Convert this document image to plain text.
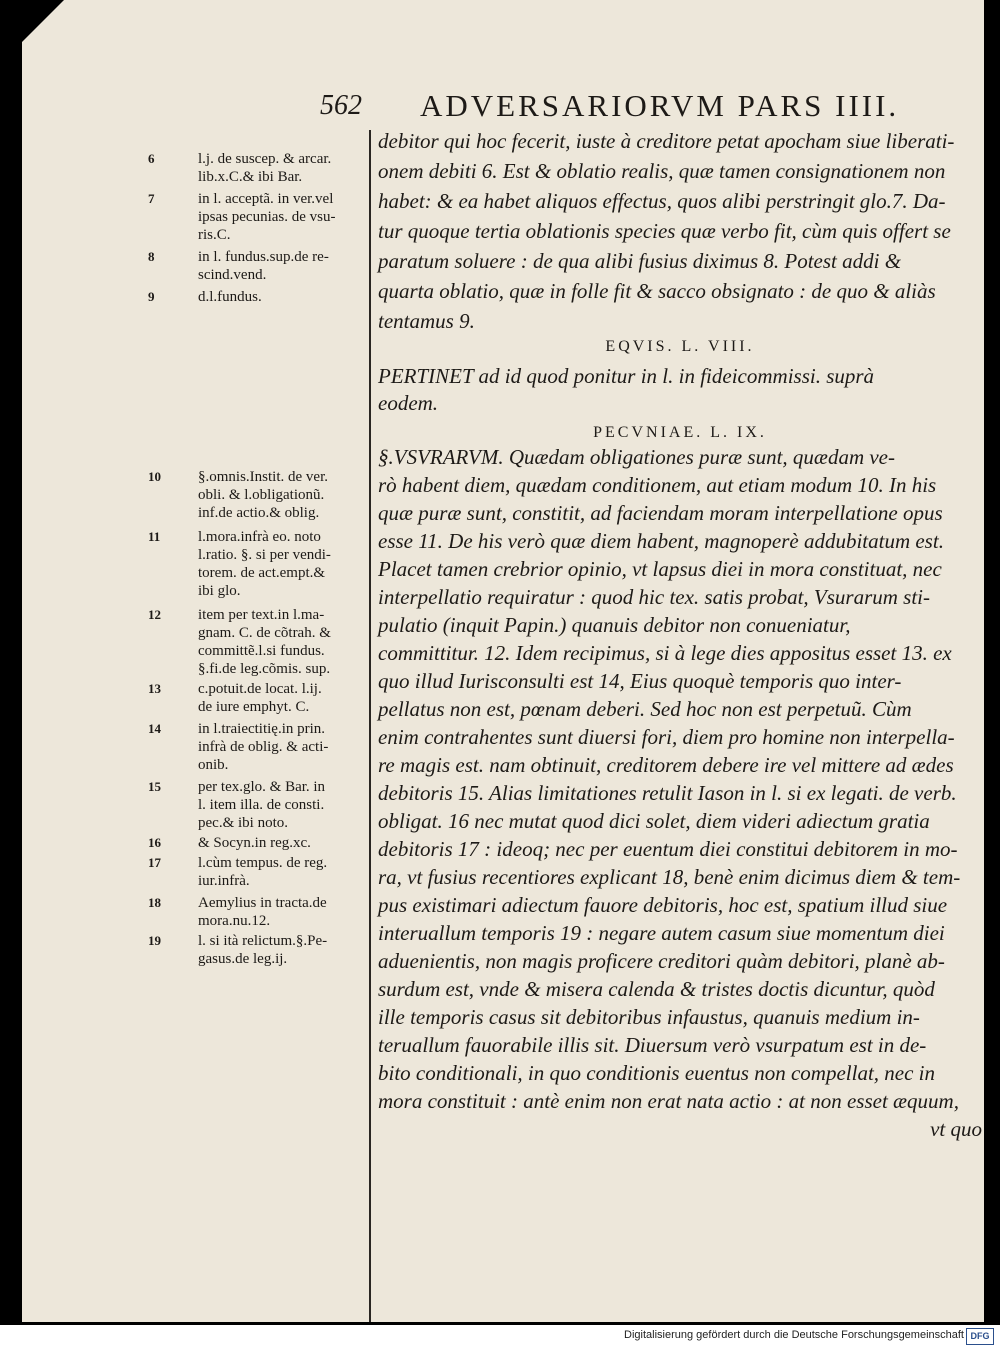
562 ADVERSARIORVM PARS IIII.
6	l.j. de suscep. & arcar.
lib.x.C.& ibi Bar.
7	in l. acceptã. in ver.vel
ipsas pecunias. de vsu-
ris.C.
8	in l. fundus.sup.de re-
scind.vend.
9	d.l.fundus.
10 §.omnis.Instit. de ver.
obli. & l.obligationũ.
inf.de actio.& oblig.
11	l.mora.infrà eo. noto
l.ratio. §. si per vendi-
torem. de act.empt.&
ibi glo.
12 item per text.in l.ma-
gnam. C. de cõtrah. &
committẽ.l.si fundus.
§.fi.de leg.cõmis. sup.
13 c.potuit.de locat. l.ij.
de iure emphyt. C.
14 in l.traiectitię.in prin.
infrà de oblig. & acti-
onib.
15 per tex.glo. & Bar. in
l. item illa. de consti.
pec.& ibi noto.
16 & Socyn.in reg.xc.
17 l.cùm tempus. de reg.
iur.infrà.
18 Aemylius in tracta.de
mora.nu.12.
19 l. si ità relictum.§.Pe-
gasus.de leg.ij.
debitor qui hoc fecerit, iuste à creditore petat apocham siue liberati-
onem debiti 6. Est & oblatio realis, quæ tamen consignationem non
habet: & ea habet aliquos effectus, quos alibi perstringit glo.7. Da-
tur quoque tertia oblationis species quæ verbo fit, cùm quis offert se
paratum soluere : de qua alibi fusius diximus 8. Potest addi &
quarta oblatio, quæ in folle fit & sacco obsignato : de quo & aliàs
tentamus 9.
EQVIS. L. VIII.
PERTINET ad id quod ponitur in l. in fideicommissi. suprà
eodem.
PECVNIAE. L. IX.
§.VSVRARVM. Quædam obligationes puræ sunt, quædam ve-
rò habent diem, quædam conditionem, aut etiam modum 10. In his
quæ puræ sunt, constitit, ad faciendam moram interpellatione opus
esse 11. De his verò quæ diem habent, magnoperè addubitatum est.
Placet tamen crebrior opinio, vt lapsus diei in mora constituat, nec
interpellatio requiratur : quod hic tex. satis probat, Vsurarum sti-
pulatio (inquit Papin.) quanuis debitor non conueniatur,
committitur. 12. Idem recipimus, si à lege dies appositus esset 13. ex
quo illud Iurisconsulti est 14, Eius quoquè temporis quo inter-
pellatus non est, pœnam deberi. Sed hoc non est perpetuũ. Cùm
enim contrahentes sunt diuersi fori, diem pro homine non interpella-
re magis est. nam obtinuit, creditorem debere ire vel mittere ad ædes
debitoris 15. Alias limitationes retulit Iason in l. si ex legati. de verb.
obligat. 16 nec mutat quod dici solet, diem videri adiectum gratia
debitoris 17 : ideoq; nec per euentum diei constitui debitorem in mo-
ra, vt fusius recentiores explicant 18, benè enim dicimus diem & tem-
pus existimari adiectum fauore debitoris, hoc est, spatium illud siue
interuallum temporis 19 : negare autem casum siue momentum diei
aduenientis, non magis proficere creditori quàm debitori, planè ab-
surdum est, vnde & misera calenda & tristes doctis dicuntur, quòd
ille temporis casus sit debitoribus infaustus, quanuis medium in-
teruallum fauorabile illis sit. Diuersum verò vsurpatum est in de-
bito conditionali, in quo conditionis euentus non compellat, nec in
mora constituit : antè enim non erat nata actio : at non esset æquum,
vt quo
Digitalisierung gefördert durch die Deutsche Forschungsgemeinschaft DFG
